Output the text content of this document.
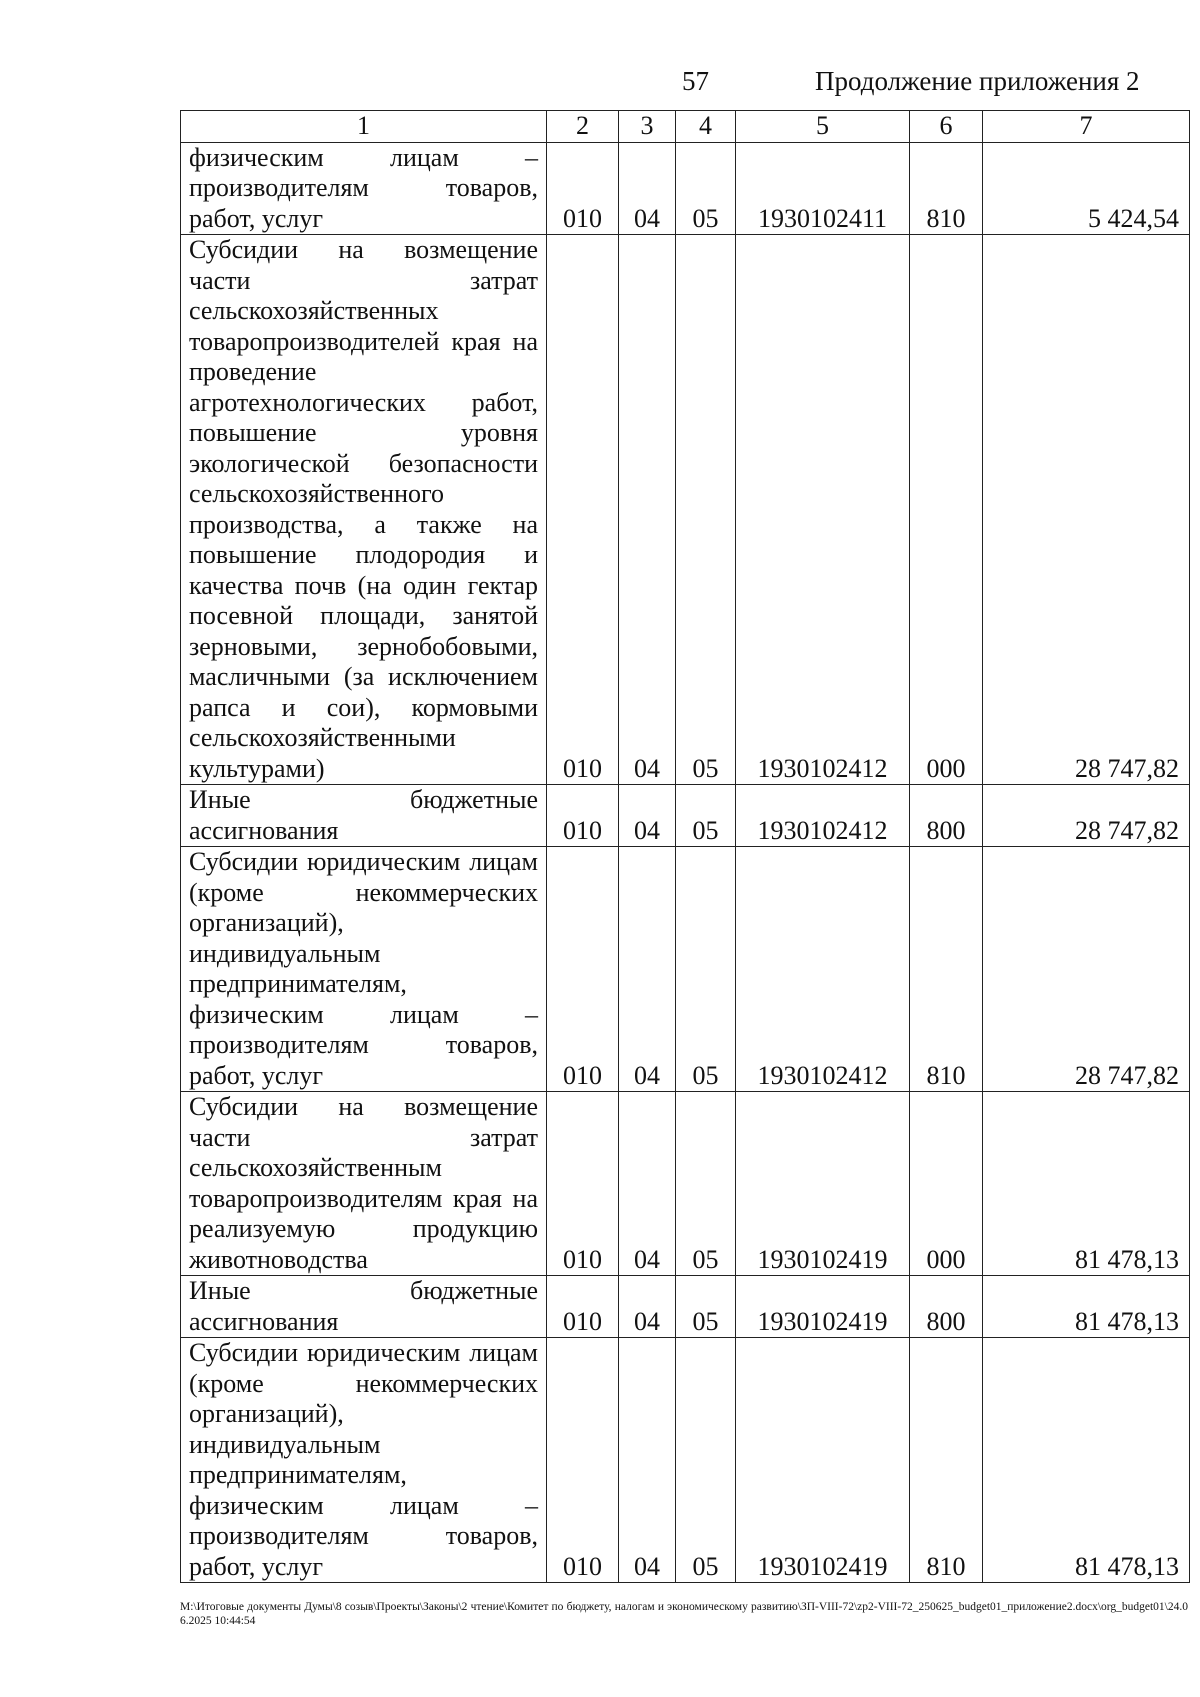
57	Продолжение приложения 2
1	2	3	4	5	6	7
физическим лицам – производителям товаров, работ, услуг	010	04	05	1930102411	810	5 424,54
Субсидии на возмещение части затрат сельскохозяйственных товаропроизводителей края на проведение агротехнологических работ, повышение уровня экологической безопасности сельскохозяйственного производства, а также на повышение плодородия и качества почв (на один гектар посевной площади, занятой зерновыми, зернобобовыми, масличными (за исключением рапса и сои), кормовыми сельскохозяйственными культурами)	010	04	05	1930102412	000	28 747,82
Иные бюджетные ассигнования	010	04	05	1930102412	800	28 747,82
Субсидии юридическим лицам (кроме некоммерческих организаций), индивидуальным предпринимателям, физическим лицам – производителям товаров, работ, услуг	010	04	05	1930102412	810	28 747,82
Субсидии на возмещение части затрат сельскохозяйственным товаропроизводителям края на реализуемую продукцию животноводства	010	04	05	1930102419	000	81 478,13
Иные бюджетные ассигнования	010	04	05	1930102419	800	81 478,13
Субсидии юридическим лицам (кроме некоммерческих организаций), индивидуальным предпринимателям, физическим лицам – производителям товаров, работ, услуг	010	04	05	1930102419	810	81 478,13
M:\Итоговые документы Думы\8 созыв\Проекты\Законы\2 чтение\Комитет по бюджету, налогам и экономическому развитию\ЗП-VIII-72\zp2-VIII-72_250625_budget01_приложение2.docx\org_budget01\24.06.2025 10:44:54
